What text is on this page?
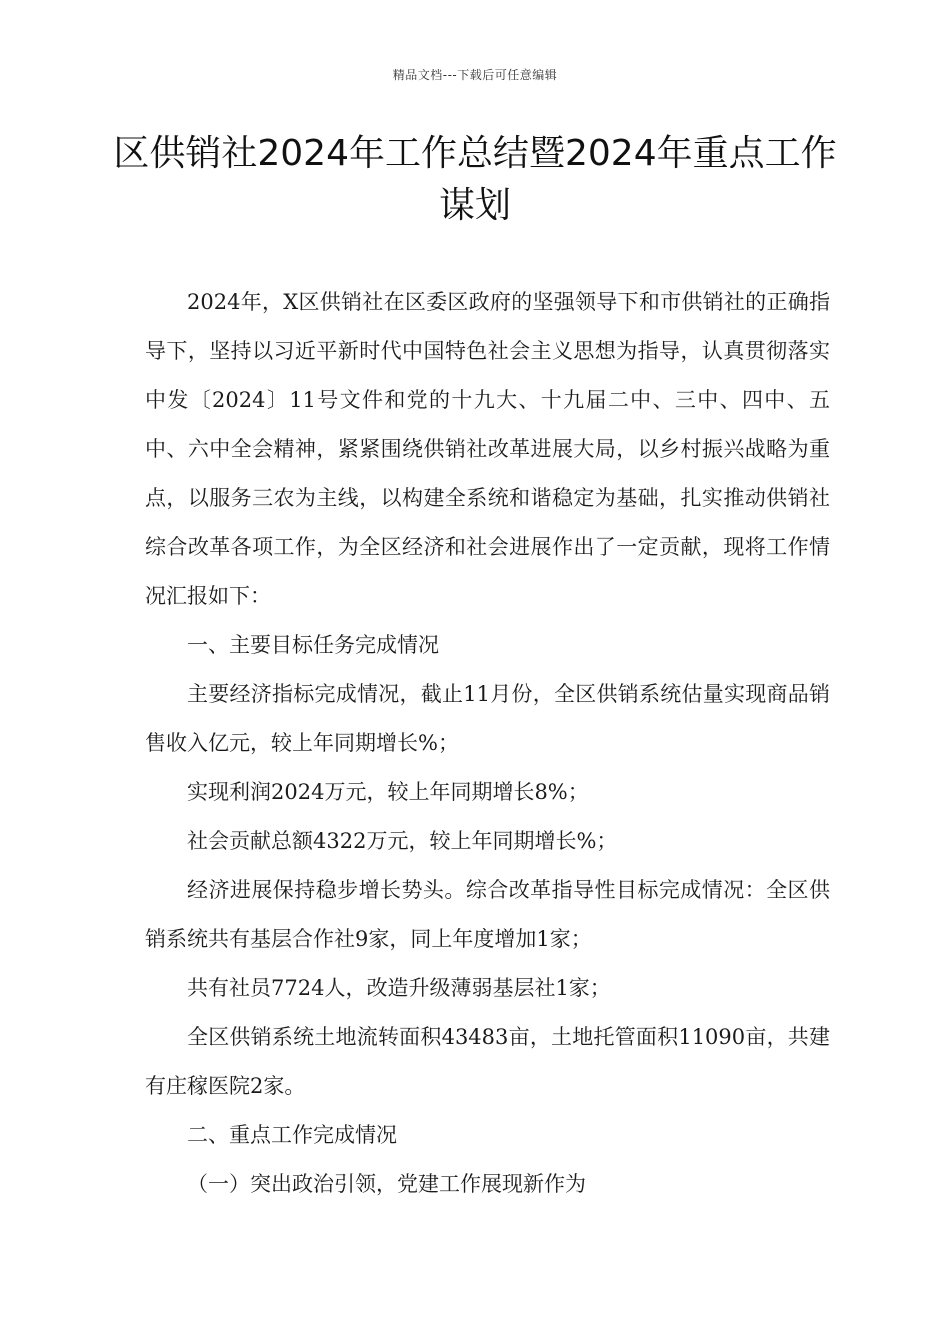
精品文档---下载后可任意编辑
区供销社2024年工作总结暨2024年重点工作谋划

2024年，X区供销社在区委区政府的坚强领导下和市供销社的正确指导下，坚持以习近平新时代中国特色社会主义思想为指导，认真贯彻落实中发〔2024〕11号文件和党的十九大、十九届二中、三中、四中、五中、六中全会精神，紧紧围绕供销社改革进展大局，以乡村振兴战略为重点，以服务三农为主线，以构建全系统和谐稳定为基础，扎实推动供销社综合改革各项工作，为全区经济和社会进展作出了一定贡献，现将工作情况汇报如下：

一、主要目标任务完成情况

主要经济指标完成情况，截止11月份，全区供销系统估量实现商品销售收入亿元，较上年同期增长%；

实现利润2024万元，较上年同期增长8%；

社会贡献总额4322万元，较上年同期增长%；

经济进展保持稳步增长势头。综合改革指导性目标完成情况：全区供销系统共有基层合作社9家，同上年度增加1家；

共有社员7724人，改造升级薄弱基层社1家；

全区供销系统土地流转面积43483亩，土地托管面积11090亩，共建有庄稼医院2家。

二、重点工作完成情况

（一）突出政治引领，党建工作展现新作为
